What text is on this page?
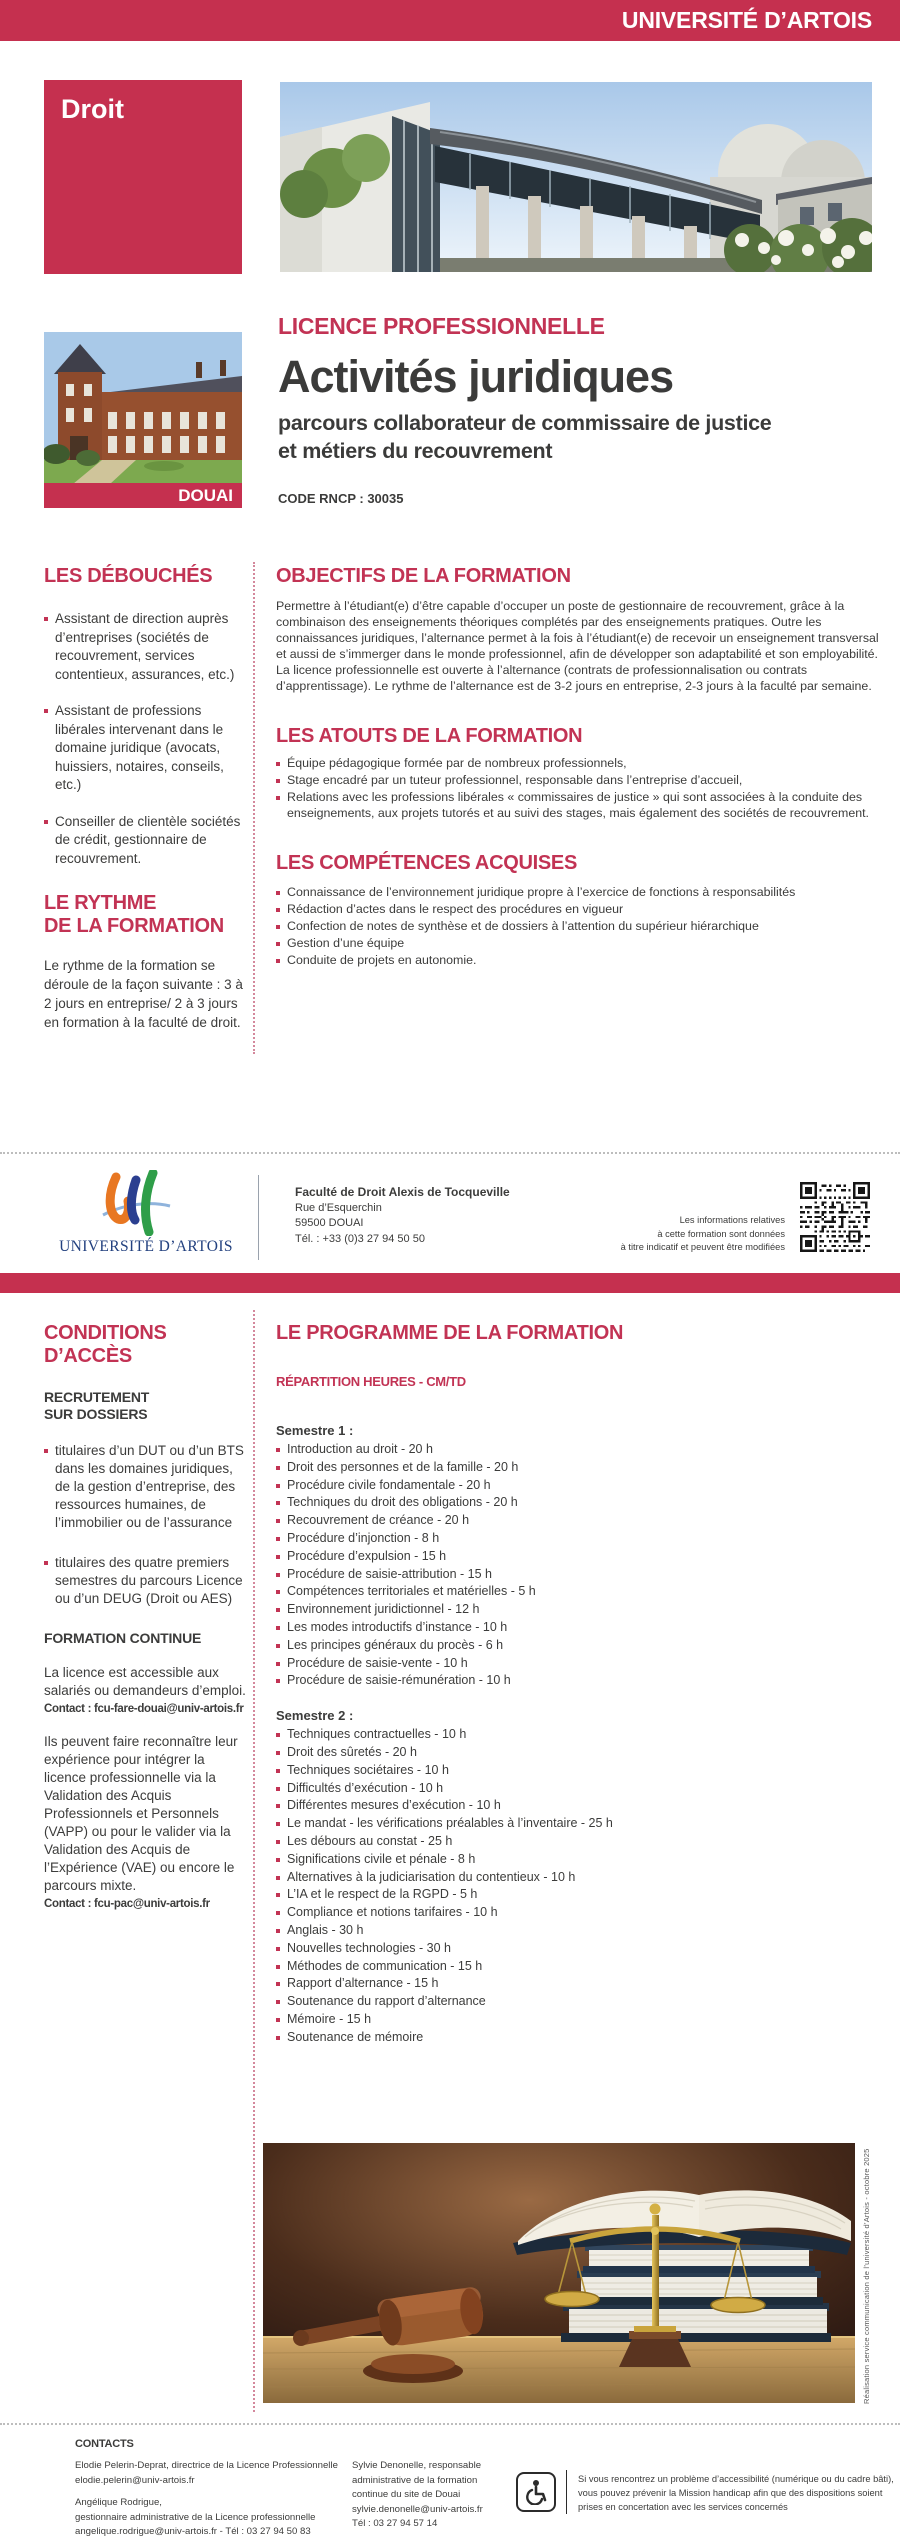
UNIVERSITÉ D’ARTOIS
Droit
DOUAI
LICENCE PROFESSIONNELLE
Activités juridiques
parcours collaborateur de commissaire de justice
et métiers du recouvrement
CODE RNCP : 30035
LES DÉBOUCHÉS
Assistant de direction auprès d’entreprises (sociétés de recouvrement, services contentieux, assurances, etc.)
Assistant de professions libérales intervenant dans le domaine juridique (avocats, huissiers, notaires, conseils, etc.)
Conseiller de clientèle sociétés de crédit, gestionnaire de recouvrement.
LE RYTHME
DE LA FORMATION

Le rythme de la formation se déroule de la façon suivante : 3 à 2 jours en entreprise/ 2 à 3 jours en formation à la faculté de droit.

OBJECTIFS DE LA FORMATION

Permettre à l’étudiant(e) d’être capable d’occuper un poste de gestionnaire de recouvrement, grâce à la combinaison des enseignements théoriques complétés par des enseignements pratiques. Outre les connaissances juridiques, l’alternance permet à la fois à l’étudiant(e) de recevoir un enseignement transversal et aussi de s’immerger dans le monde professionnel, afin de développer son adaptabilité et son employabilité. La licence professionnelle est ouverte à l’alternance (contrats de professionnalisation ou contrats d’apprentissage). Le rythme de l’alternance est de 3-2 jours en entreprise, 2-3 jours à la faculté par semaine.

LES ATOUTS DE LA FORMATION
Équipe pédagogique formée par de nombreux professionnels,
Stage encadré par un tuteur professionnel, responsable dans l’entreprise d’accueil,
Relations avec les professions libérales « commissaires de justice » qui sont associées à la conduite des enseignements, aux projets tutorés et au suivi des stages, mais également des sociétés de recouvrement.
LES COMPÉTENCES ACQUISES
Connaissance de l’environnement juridique propre à l’exercice de fonctions à responsabilités
Rédaction d’actes dans le respect des procédures en vigueur
Confection de notes de synthèse et de dossiers à l’attention du supérieur hiérarchique
Gestion d’une équipe
Conduite de projets en autonomie.
UNIVERSITÉ D’ARTOIS
Faculté de Droit Alexis de Tocqueville
Rue d’Esquerchin
59500 DOUAI
Tél. : +33 (0)3 27 94 50 50
Les informations relatives
à cette formation sont données
à titre indicatif et peuvent être modifiées
CONDITIONS
D’ACCÈS
RECRUTEMENT
SUR DOSSIERS
titulaires d’un DUT ou d’un BTS dans les domaines juridiques, de la gestion d’entreprise, des ressources humaines, de l’immobilier ou de l’assurance
titulaires des quatre premiers semestres du parcours Licence ou d’un DEUG (Droit ou AES)
FORMATION CONTINUE

La licence est accessible aux salariés ou demandeurs d’emploi.

Contact : fcu-fare-douai@univ-artois.fr

Ils peuvent faire reconnaître leur expérience pour intégrer la licence professionnelle via la Validation des Acquis Professionnels et Personnels (VAPP) ou pour le valider via la Validation des Acquis de l’Expérience (VAE) ou encore le parcours mixte.

Contact : fcu-pac@univ-artois.fr
LE PROGRAMME DE LA FORMATION
RÉPARTITION HEURES - CM/TD
Semestre 1 :
Introduction au droit - 20 h
Droit des personnes et de la famille - 20 h
Procédure civile fondamentale - 20 h
Techniques du droit des obligations - 20 h
Recouvrement de créance - 20 h
Procédure d’injonction - 8 h
Procédure d’expulsion - 15 h
Procédure de saisie-attribution - 15 h
Compétences territoriales et matérielles - 5 h
Environnement juridictionnel - 12 h
Les modes introductifs d’instance - 10 h
Les principes généraux du procès - 6 h
Procédure de saisie-vente - 10 h
Procédure de saisie-rémunération - 10 h
Semestre 2 :
Techniques contractuelles - 10 h
Droit des sûretés - 20 h
Techniques sociétaires - 10 h
Difficultés d’exécution - 10 h
Différentes mesures d’exécution - 10 h
Le mandat - les vérifications préalables à l’inventaire - 25 h
Les débours au constat - 25 h
Significations civile et pénale - 8 h
Alternatives à la judiciarisation du contentieux - 10 h
L’IA et le respect de la RGPD - 5 h
Compliance et notions tarifaires - 10 h
Anglais - 30 h
Nouvelles technologies - 30 h
Méthodes de communication - 15 h
Rapport d’alternance - 15 h
Soutenance du rapport d’alternance
Mémoire - 15 h
Soutenance de mémoire
Réalisation service communication de l’université d’Artois - octobre 2025
CONTACTS
Elodie Pelerin-Deprat, directrice de la Licence Professionnelle
elodie.pelerin@univ-artois.fr
Angélique Rodrigue,
gestionnaire administrative de la Licence professionnelle
angelique.rodrigue@univ-artois.fr - Tél : 03 27 94 50 83
Sylvie Denonelle, responsable
administrative de la formation
continue du site de Douai
sylvie.denonelle@univ-artois.fr
Tél : 03 27 94 57 14
Si vous rencontrez un problème d’accessibilité (numérique ou du cadre bâti), vous pouvez prévenir la Mission handicap afin que des dispositions soient prises en concertation avec les services concernés
